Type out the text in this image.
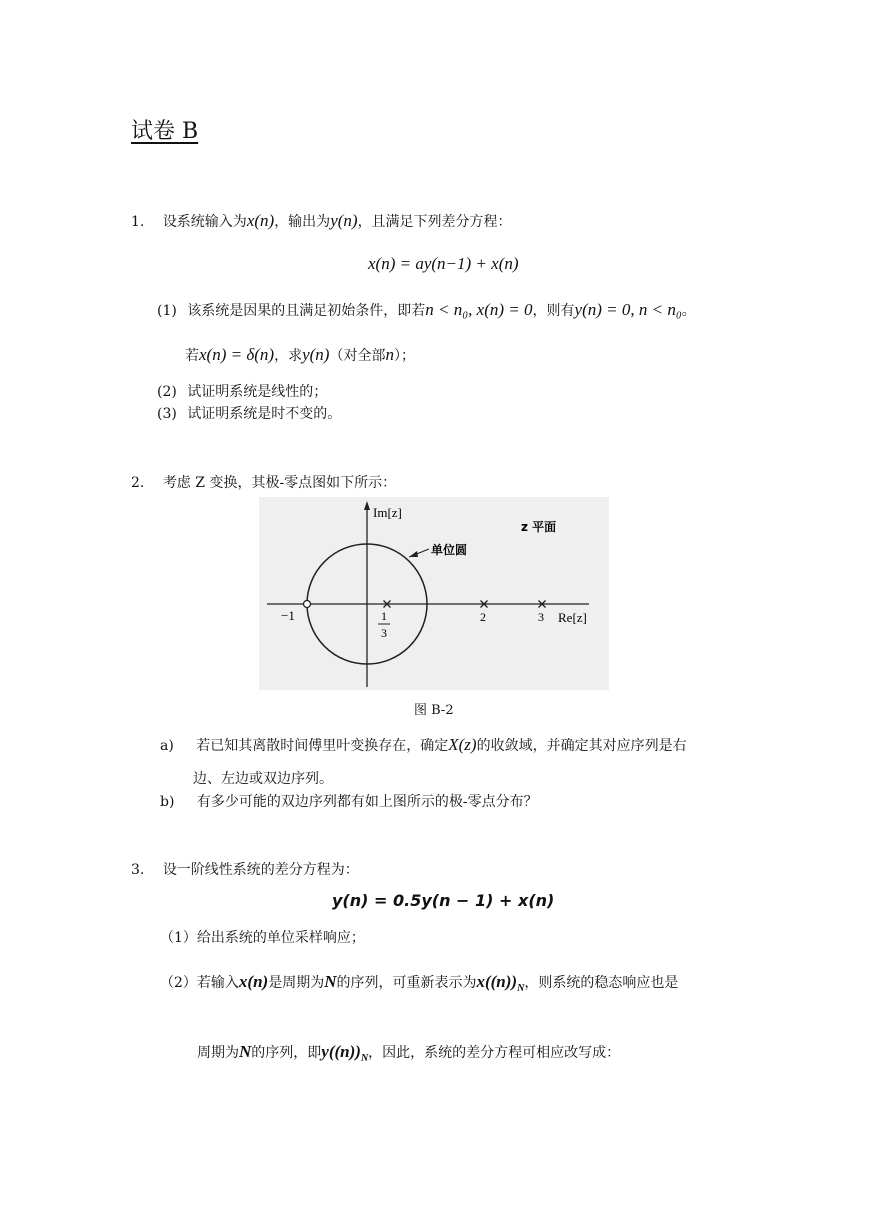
试卷 B
1. 设系统输入为x(n)，输出为y(n)，且满足下列差分方程：
x(n) = ay(n−1) + x(n)
(1) 该系统是因果的且满足初始条件，即若n < n₀, x(n) = 0，则有y(n) = 0, n < n₀。
若x(n) = δ(n)，求y(n)（对全部n）；
(2) 试证明系统是线性的；
(3) 试证明系统是时不变的。
2. 考虑 Z 变换，其极-零点图如下所示：
Im[z]
z 平面
单位圆
Re[z]
−1	1
3
2	3
图 B-2
a) 若已知其离散时间傅里叶变换存在，确定X(z)的收敛域，并确定其对应序列是右
边、左边或双边序列。
b) 有多少可能的双边序列都有如上图所示的极-零点分布？
3. 设一阶线性系统的差分方程为：
y(n) = 0.5y(n − 1) + x(n)
（1）给出系统的单位采样响应；
（2）若输入x(n)是周期为N的序列，可重新表示为$x((n))_N$，则系统的稳态响应也是
周期为N的序列，即$y((n))_N$，因此，系统的差分方程可相应改写成：
